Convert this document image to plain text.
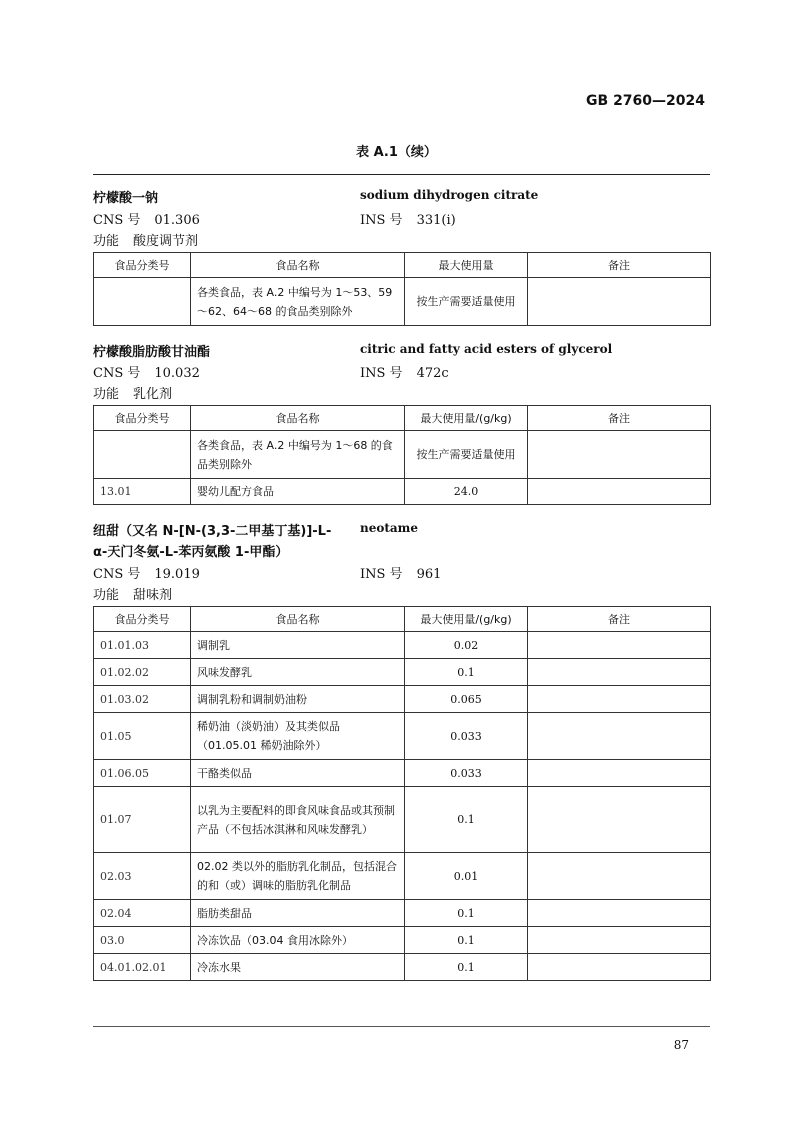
GB 2760—2024
表 A.1（续）
柠檬酸一钠	sodium dihydrogen citrate
CNS 号 01.306	INS 号 331(i)
功能 酸度调节剂
食品分类号	食品名称	最大使用量	备注
	各类食品，表 A.2 中编号为 1～53、59～62、64～68 的食品类别除外	按生产需要适量使用	
柠檬酸脂肪酸甘油酯	citric and fatty acid esters of glycerol
CNS 号 10.032	INS 号 472c
功能 乳化剂
食品分类号	食品名称	最大使用量/(g/kg)	备注
	各类食品，表 A.2 中编号为 1～68 的食品类别除外	按生产需要适量使用	
13.01	婴幼儿配方食品	24.0	
纽甜（又名 N-[N-(3,3-二甲基丁基)]-L-
α-天门冬氨-L-苯丙氨酸 1-甲酯）
neotame
CNS 号 19.019	INS 号 961
功能 甜味剂
食品分类号	食品名称	最大使用量/(g/kg)	备注
01.01.03	调制乳	0.02	
01.02.02	风味发酵乳	0.1	
01.03.02	调制乳粉和调制奶油粉	0.065	
01.05	稀奶油（淡奶油）及其类似品（01.05.01 稀奶油除外）	0.033	
01.06.05	干酪类似品	0.033	
01.07	以乳为主要配料的即食风味食品或其预制产品（不包括冰淇淋和风味发酵乳）	0.1	
02.03	02.02 类以外的脂肪乳化制品，包括混合的和（或）调味的脂肪乳化制品	0.01	
02.04	脂肪类甜品	0.1	
03.0	冷冻饮品（03.04 食用冰除外）	0.1	
04.01.02.01	冷冻水果	0.1	
87
